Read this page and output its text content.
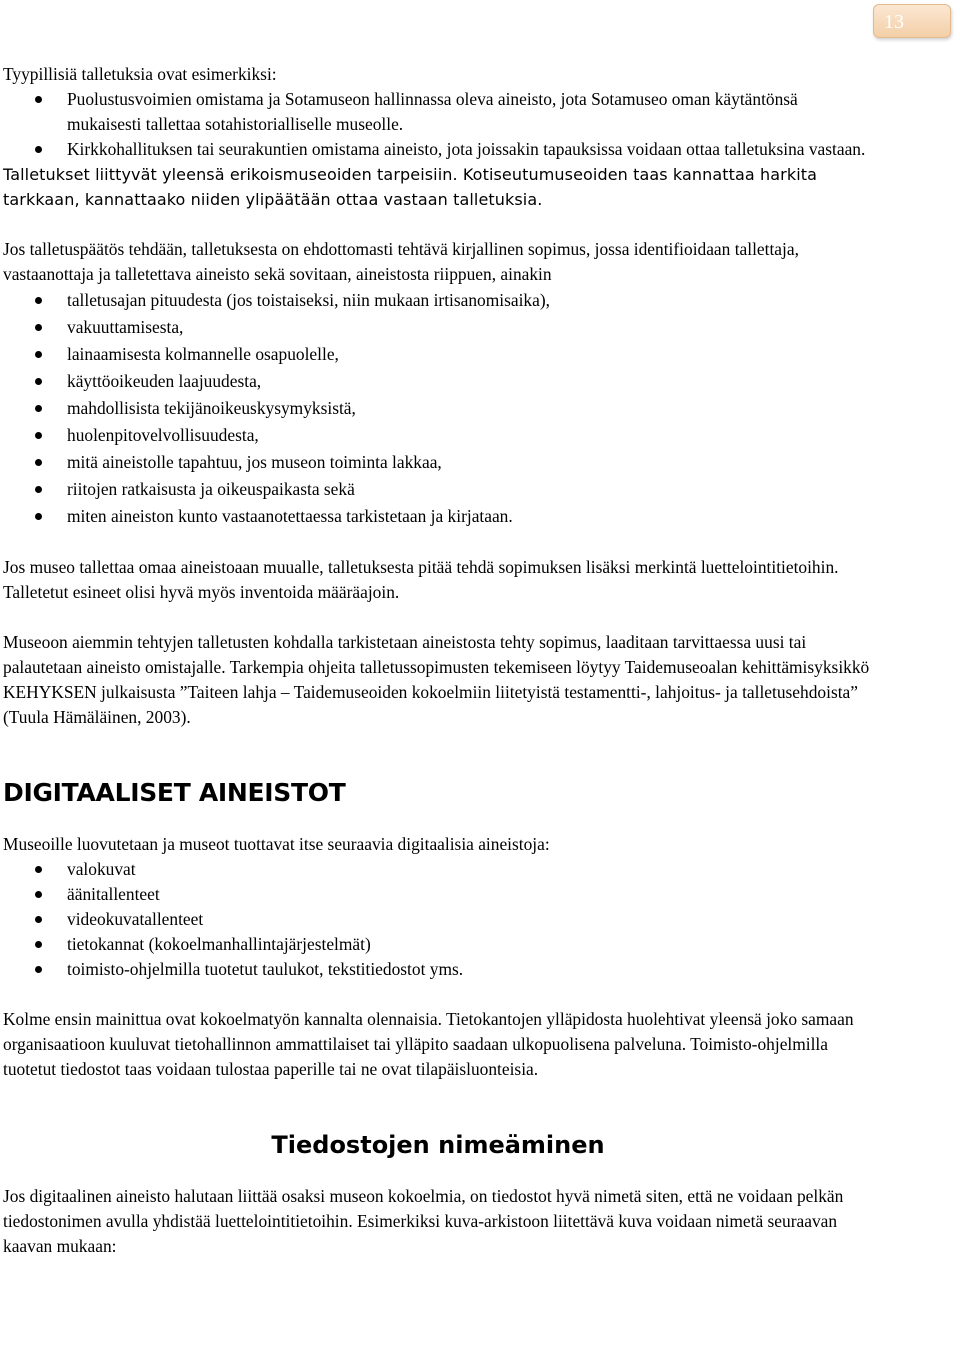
13

Tyypillisiä talletuksia ovat esimerkiksi:

Puolustusvoimien omistama ja Sotamuseon hallinnassa oleva aineisto, jota Sotamuseo oman käytäntönsä mukaisesti tallettaa sotahistorialliselle museolle.
Kirkkohallituksen tai seurakuntien omistama aineisto, jota joissakin tapauksissa voidaan ottaa talletuksina vastaan.

Talletukset liittyvät yleensä erikoismuseoiden tarpeisiin. Kotiseutumuseoiden taas kannattaa harkita tarkkaan, kannattaako niiden ylipäätään ottaa vastaan talletuksia.

Jos talletuspäätös tehdään, talletuksesta on ehdottomasti tehtävä kirjallinen sopimus, jossa identifioidaan tallettaja, vastaanottaja ja talletettava aineisto sekä sovitaan, aineistosta riippuen, ainakin

talletusajan pituudesta (jos toistaiseksi, niin mukaan irtisanomisaika),
vakuuttamisesta,
lainaamisesta kolmannelle osapuolelle,
käyttöoikeuden laajuudesta,
mahdollisista tekijänoikeuskysymyksistä,
huolenpitovelvollisuudesta,
mitä aineistolle tapahtuu, jos museon toiminta lakkaa,
riitojen ratkaisusta ja oikeuspaikasta sekä
miten aineiston kunto vastaanotettaessa tarkistetaan ja kirjataan.

Jos museo tallettaa omaa aineistoaan muualle, talletuksesta pitää tehdä sopimuksen lisäksi merkintä luettelointitietoihin. Talletetut esineet olisi hyvä myös inventoida määräajoin.

Museoon aiemmin tehtyjen talletusten kohdalla tarkistetaan aineistosta tehty sopimus, laaditaan tarvittaessa uusi tai palautetaan aineisto omistajalle. Tarkempia ohjeita talletussopimusten tekemiseen löytyy Taidemuseoalan kehittämisyksikkö KEHYKSEN julkaisusta ”Taiteen lahja – Taidemuseoiden kokoelmiin liitetyistä testamentti-, lahjoitus- ja talletusehdoista” (Tuula Hämäläinen, 2003).

DIGITAALISET AINEISTOT

Museoille luovutetaan ja museot tuottavat itse seuraavia digitaalisia aineistoja:

valokuvat
äänitallenteet
videokuvatallenteet
tietokannat (kokoelmanhallintajärjestelmät)
toimisto-ohjelmilla tuotetut taulukot, tekstitiedostot yms.

Kolme ensin mainittua ovat kokoelmatyön kannalta olennaisia. Tietokantojen ylläpidosta huolehtivat yleensä joko samaan organisaatioon kuuluvat tietohallinnon ammattilaiset tai ylläpito saadaan ulkopuolisena palveluna. Toimisto-ohjelmilla tuotetut tiedostot taas voidaan tulostaa paperille tai ne ovat tilapäisluonteisia.

Tiedostojen nimeäminen

Jos digitaalinen aineisto halutaan liittää osaksi museon kokoelmia, on tiedostot hyvä nimetä siten, että ne voidaan pelkän tiedostonimen avulla yhdistää luettelointitietoihin. Esimerkiksi kuva-arkistoon liitettävä kuva voidaan nimetä seuraavan kaavan mukaan:
